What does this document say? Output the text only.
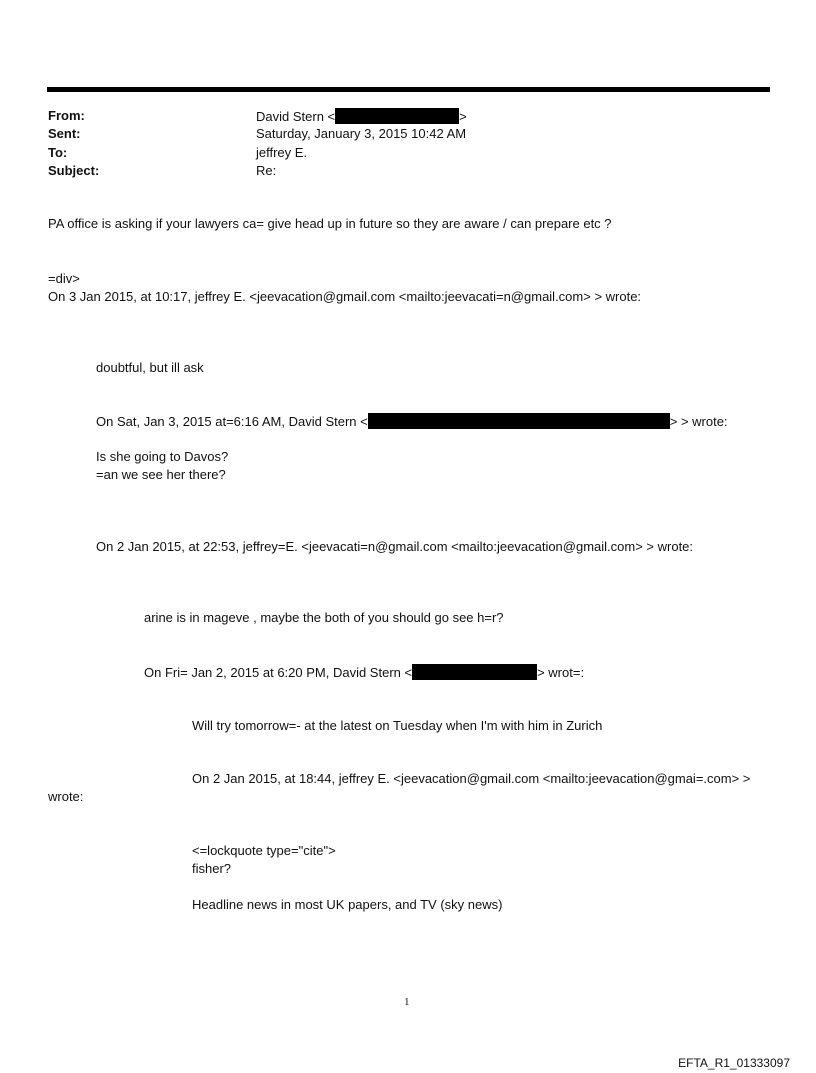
From:	David Stern <	>
Sent:	Saturday, January 3, 2015 10:42 AM
To:	jeffrey E.
Subject:	Re:
PA office is asking if your lawyers ca= give head up in future so they are aware / can prepare etc ?
=div>
On 3 Jan 2015, at 10:17, jeffrey E. <jeevacation@gmail.com <mailto:jeevacati=n@gmail.com> > wrote:
doubtful, but ill ask
On Sat, Jan 3, 2015 at=6:16 AM, David Stern <	> > wrote:
Is she going to Davos?
=an we see her there?
On 2 Jan 2015, at 22:53, jeffrey=E. <jeevacati=n@gmail.com <mailto:jeevacation@gmail.com> > wrote:
arine is in mageve , maybe the both of you should go see h=r?
On Fri= Jan 2, 2015 at 6:20 PM, David Stern <	> wrot=:
Will try tomorrow=- at the latest on Tuesday when I'm with him in Zurich
On 2 Jan 2015, at 18:44, jeffrey E. <jeevacation@gmail.com <mailto:jeevacation@gmai=.com> >
wrote:
<=lockquote type="cite">
fisher?
Headline news in most UK papers, and TV (sky news)
1
EFTA_R1_01333097
